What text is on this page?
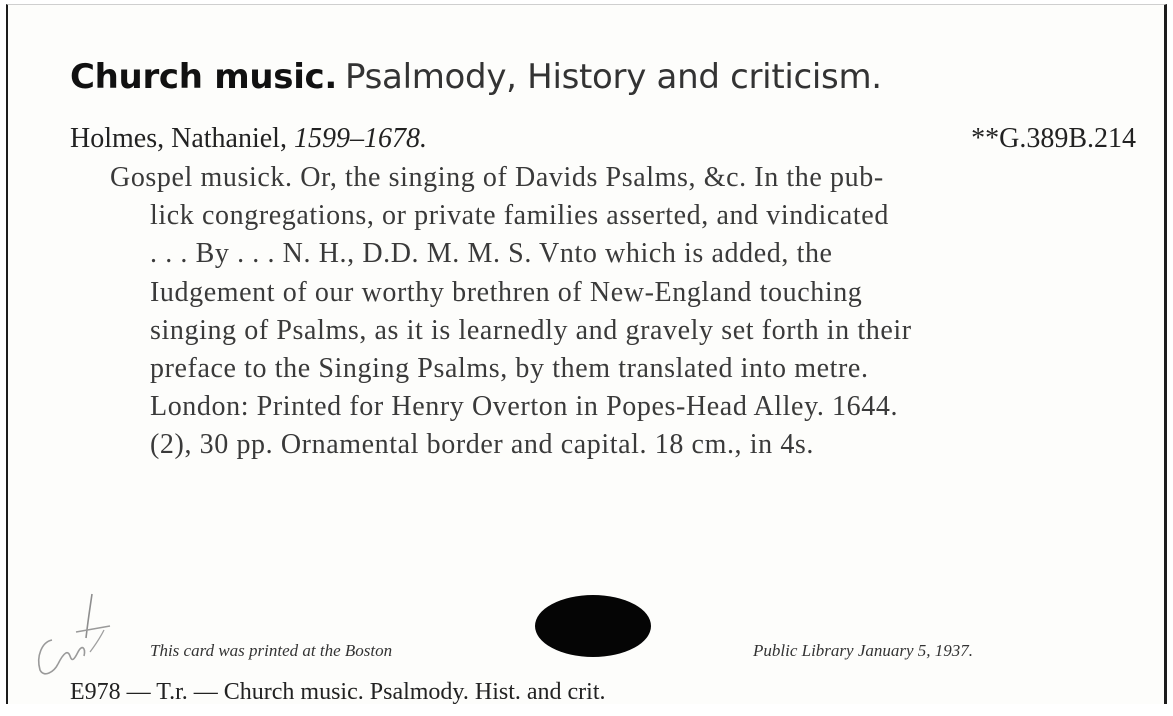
Church music. Psalmody, History and criticism.
Holmes, Nathaniel, 1599–1678.	**G.389B.214
Gospel musick. Or, the singing of Davids Psalms, &c. In the pub-
lick congregations, or private families asserted, and vindicated
. . . By . . . N. H., D.D. M. M. S. Vnto which is added, the
Iudgement of our worthy brethren of New-England touching
singing of Psalms, as it is learnedly and gravely set forth in their
preface to the Singing Psalms, by them translated into metre.
London: Printed for Henry Overton in Popes-Head Alley. 1644.
(2), 30 pp. Ornamental border and capital. 18 cm., in 4s.
This card was printed at the Boston	Public Library January 5, 1937.
E978 — T.r. — Church music. Psalmody. Hist. and crit.
